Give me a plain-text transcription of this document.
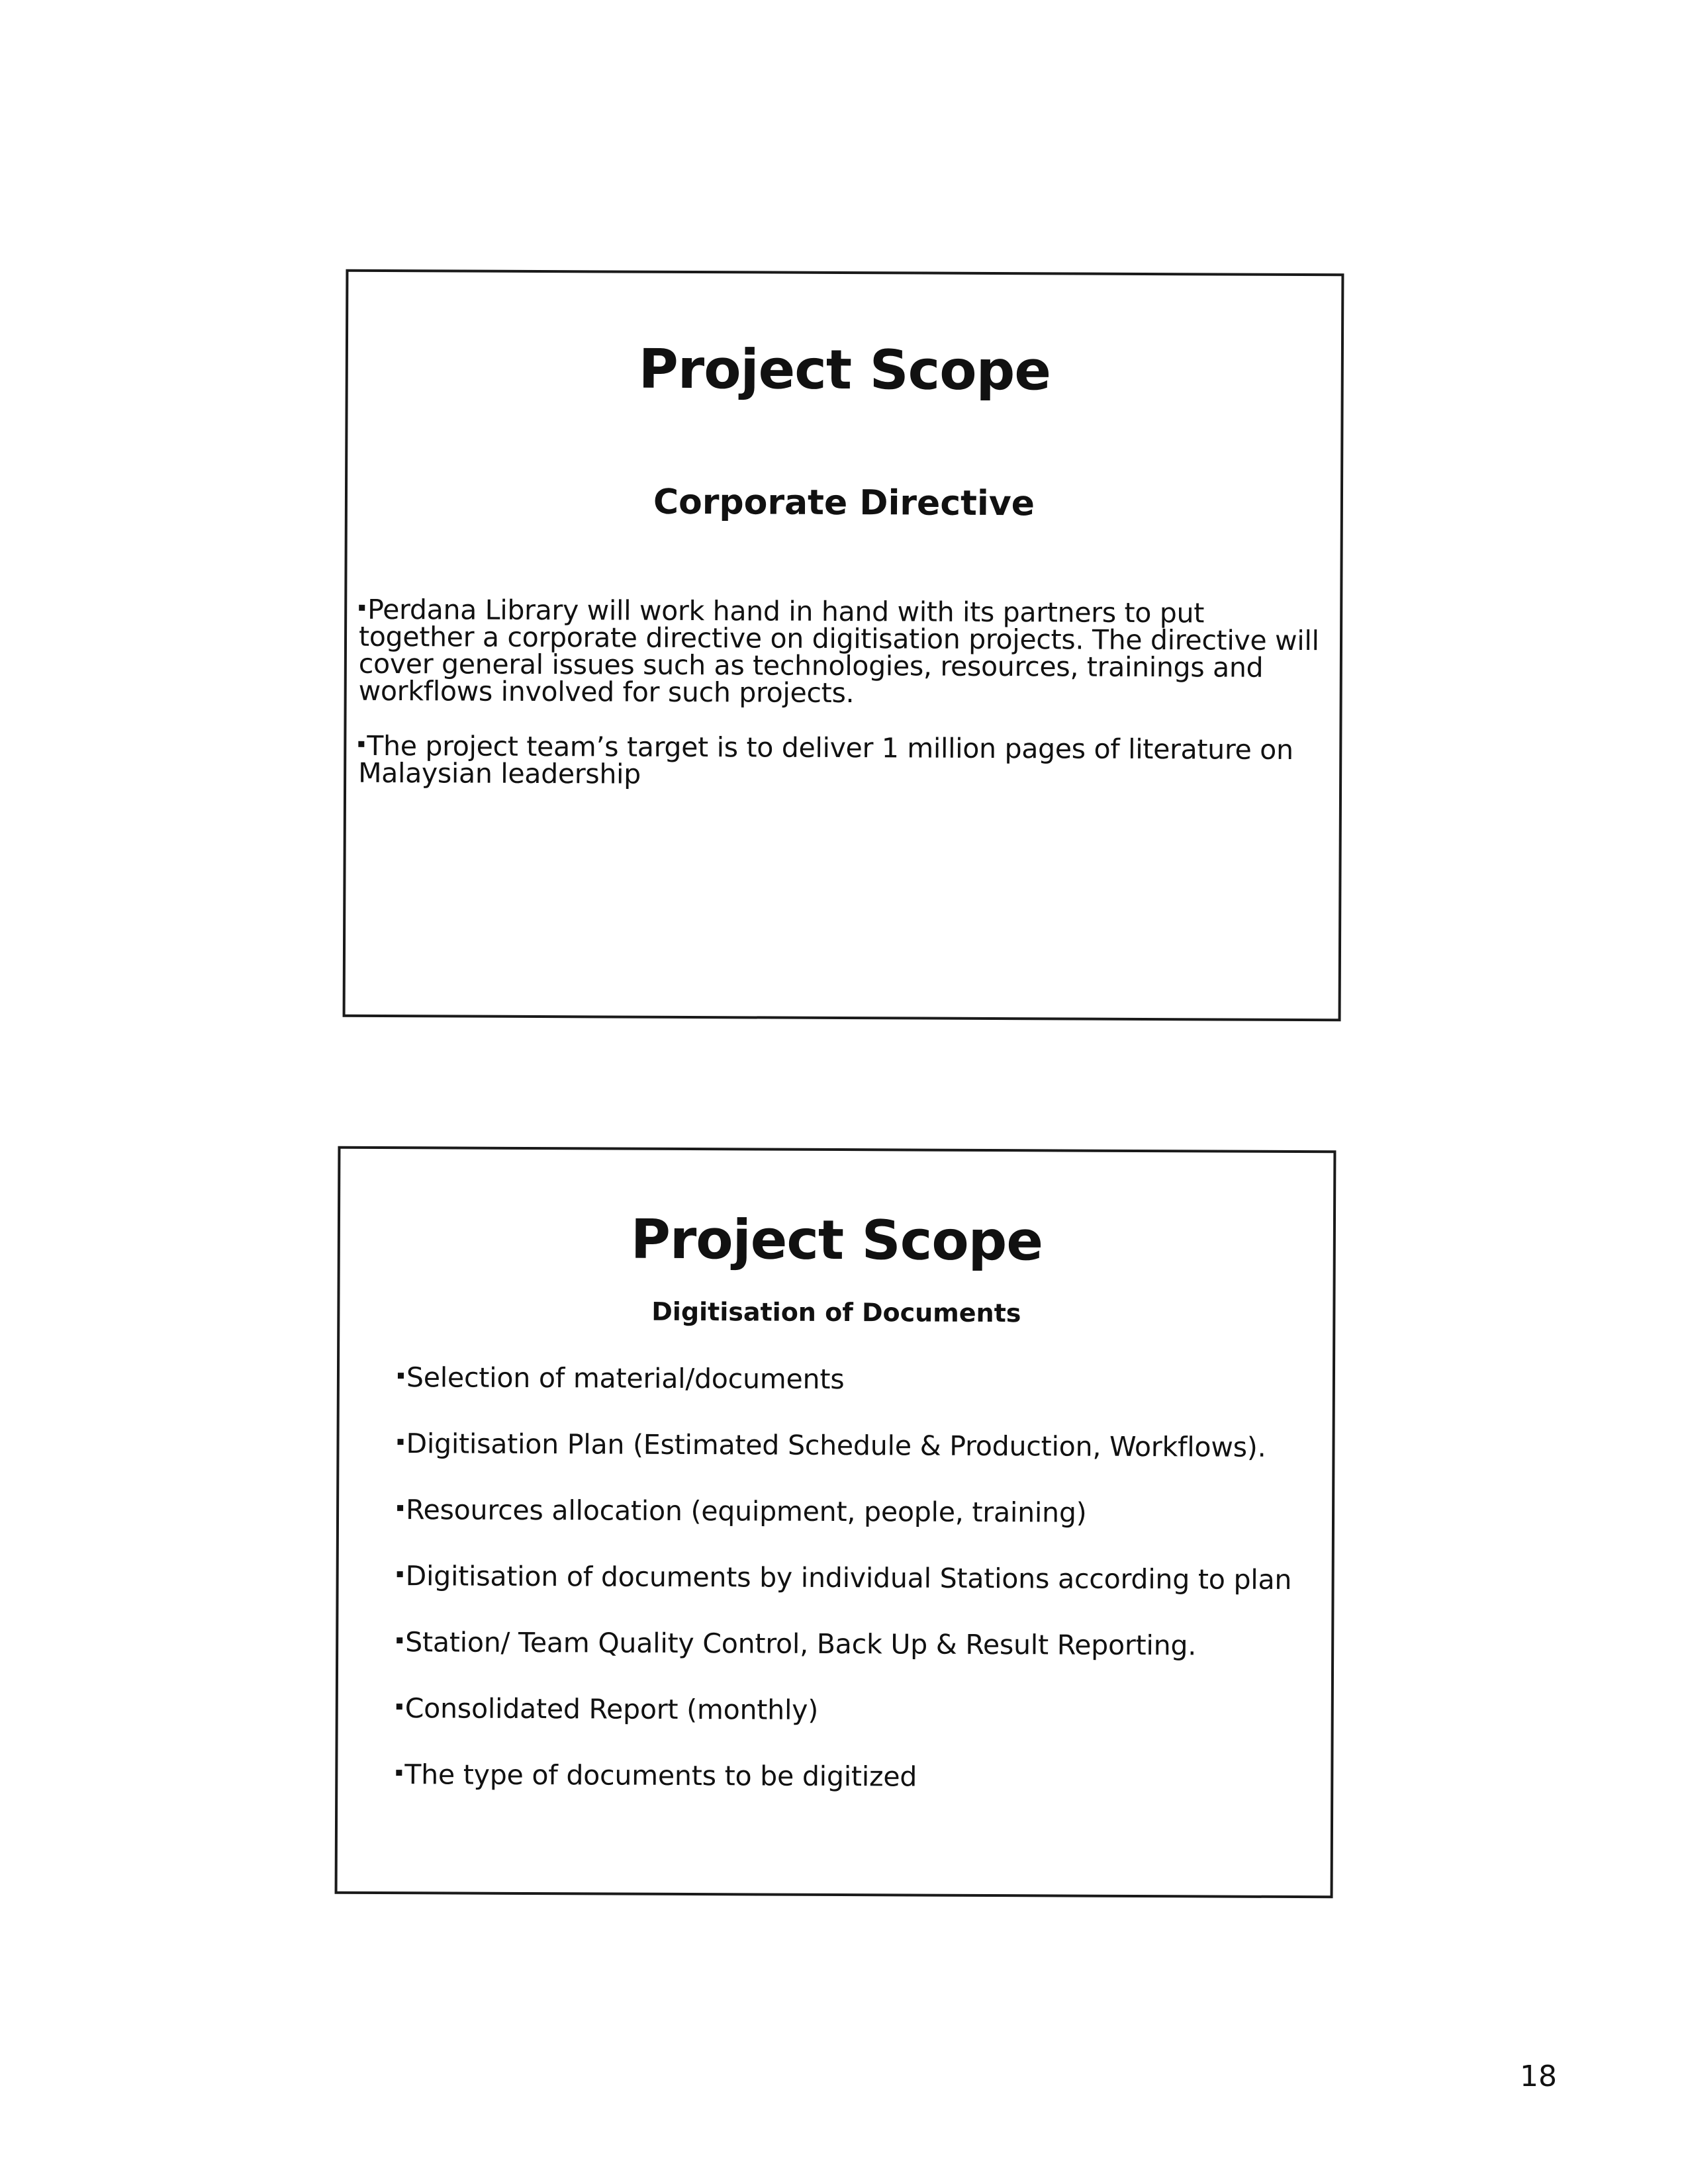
Project Scope
Corporate Directive
Perdana Library will work hand in hand with its partners to put together a corporate directive on digitisation projects. The directive will cover general issues such as technologies, resources, trainings and workflows involved for such projects.
The project team’s target is to deliver 1 million pages of literature on Malaysian leadership
Project Scope
Digitisation of Documents
Selection of material/documents
Digitisation Plan (Estimated Schedule & Production, Workflows).
Resources allocation (equipment, people, training)
Digitisation of documents by individual Stations according to plan
Station/ Team Quality Control, Back Up & Result Reporting.
Consolidated Report (monthly)
The type of documents to be digitized
18
